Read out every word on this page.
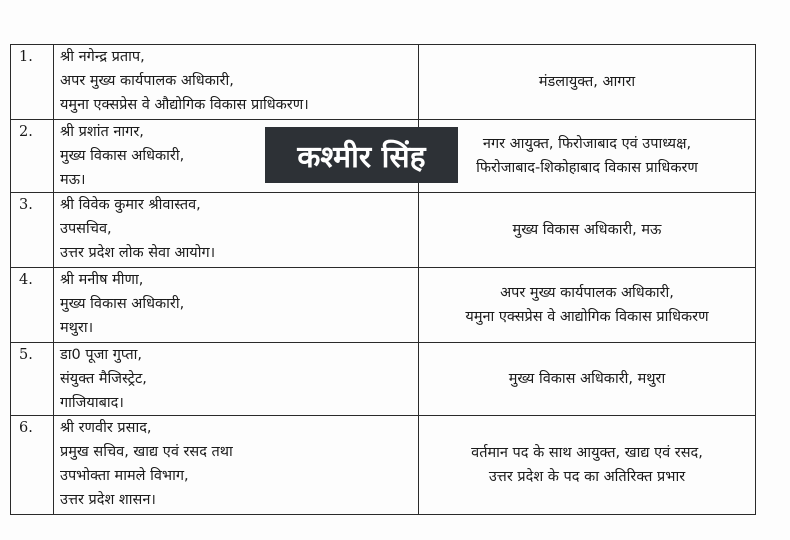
1.	श्री नगेन्द्र प्रताप,
अपर मुख्य कार्यपालक अधिकारी,
यमुना एक्सप्रेस वे औद्योगिक विकास प्राधिकरण।	मंडलायुक्त, आगरा

2.	श्री प्रशांत नागर,
मुख्य विकास अधिकारी,
मऊ।	नगर आयुक्त, फिरोजाबाद एवं उपाध्यक्ष,
फिरोजाबाद-शिकोहाबाद विकास प्राधिकरण

3.	श्री विवेक कुमार श्रीवास्तव,
उपसचिव,
उत्तर प्रदेश लोक सेवा आयोग।	मुख्य विकास अधिकारी, मऊ

4.	श्री मनीष मीणा,
मुख्य विकास अधिकारी,
मथुरा।	अपर मुख्य कार्यपालक अधिकारी,
यमुना एक्सप्रेस वे आद्योगिक विकास प्राधिकरण

5.	डा0 पूजा गुप्ता,
संयुक्त मैजिस्ट्रेट,
गाजियाबाद।	मुख्य विकास अधिकारी, मथुरा

6.	श्री रणवीर प्रसाद,
प्रमुख सचिव, खाद्य एवं रसद तथा
उपभोक्ता मामले विभाग,
उत्तर प्रदेश शासन।	वर्तमान पद के साथ आयुक्त, खाद्य एवं रसद,
उत्तर प्रदेश के पद का अतिरिक्त प्रभार
कश्मीर सिंह
